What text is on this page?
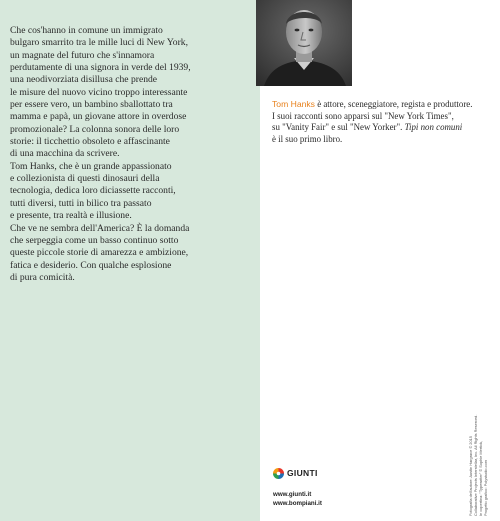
Che cos'hanno in comune un immigrato
bulgaro smarrito tra le mille luci di New York,
un magnate del futuro che s'innamora
perdutamente di una signora in verde del 1939,
una neodivorziata disillusa che prende
le misure del nuovo vicino troppo interessante
per essere vero, un bambino sballottato tra
mamma e papà, un giovane attore in overdose
promozionale? La colonna sonora delle loro
storie: il ticchettio obsoleto e affascinante
di una macchina da scrivere.
Tom Hanks, che è un grande appassionato
e collezionista di questi dinosauri della
tecnologia, dedica loro diciassette racconti,
tutti diversi, tutti in bilico tra passato
e presente, tra realtà e illusione.
Che ve ne sembra dell'America? È la domanda
che serpeggia come un basso continuo sotto
queste piccole storie di amarezza e ambizione,
fatica e desiderio. Con qualche esplosione
di pura comicità.

Tom Hanks è attore, sceneggiatore, regista e produttore.
I suoi racconti sono apparsi sul "New York Times",
su "Vanity Fair" e sul "New Yorker". Tipi non comuni
è il suo primo libro.
Fotografia dell'autore: Austin Hargrave © 2015 Collaborative Projects Interstellar, Inc. All Rights Reserved. In copertina: "Typewriter" © Sophie Mertick, Progetto grafico: Polystudio.com
GIUNTI
www.giunti.it
www.bompiani.it
